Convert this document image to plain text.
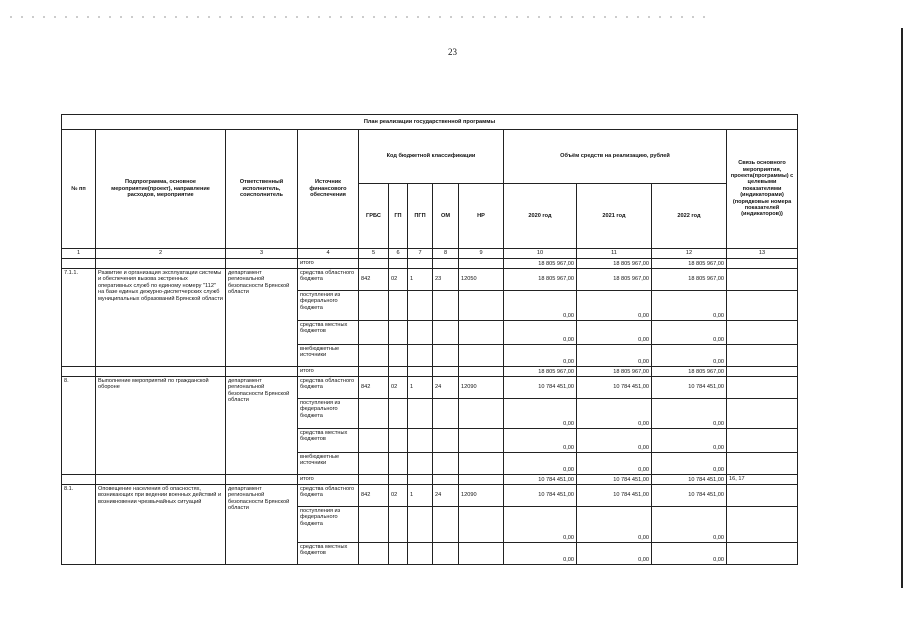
23
План реализации государственной программы												
№ пп	Подпрограмма, основное мероприятие(проект), направление расходов, мероприятие	Ответственный исполнитель, соисполнитель	Источник финансового обеспечения	Код бюджетной классификации					Объём средств на реализацию, рублей			Связь основного мероприятия, проекта(программы) с целевыми показателями (индикаторами) (порядковые номера показателей (индикаторов))
				ГРБС	ГП	ПГП	ОМ	НР	2020 год	2021 год	2022 год	
1	2	3	4	5	6	7	8	9	10	11	12	13
			итого						18 805 967,00	18 805 967,00	18 805 967,00	
7.1.1.	Развитие и организация эксплуатации системы и обеспечения вызова экстренных оперативных служб по единому номеру "112" на базе единых дежурно-диспетчерских служб муниципальных образований Брянской области	департамент региональной безопасности Брянской области	средства областного бюджета	842	02	1	23	12050	18 805 967,00	18 805 967,00	18 805 967,00	
			поступления из федерального бюджета						0,00	0,00	0,00	
			средства местных бюджетов						0,00	0,00	0,00	
			внебюджетные источники						0,00	0,00	0,00	
			итого						18 805 967,00	18 805 967,00	18 805 967,00	
8.	Выполнение мероприятий по гражданской обороне	департамент региональной безопасности Брянской области	средства областного бюджета	842	02	1	24	12090	10 784 451,00	10 784 451,00	10 784 451,00	
			поступления из федерального бюджета						0,00	0,00	0,00	
			средства местных бюджетов						0,00	0,00	0,00	
			внебюджетные источники						0,00	0,00	0,00	
			итого						10 784 451,00	10 784 451,00	10 784 451,00	16, 17
8.1.	Оповещение населения об опасностях, возникающих при ведении военных действий и возникновении чрезвычайных ситуаций	департамент региональной безопасности Брянской области	средства областного бюджета	842	02	1	24	12090	10 784 451,00	10 784 451,00	10 784 451,00	
			поступления из федерального бюджета						0,00	0,00	0,00	
			средства местных бюджетов						0,00	0,00	0,00	
